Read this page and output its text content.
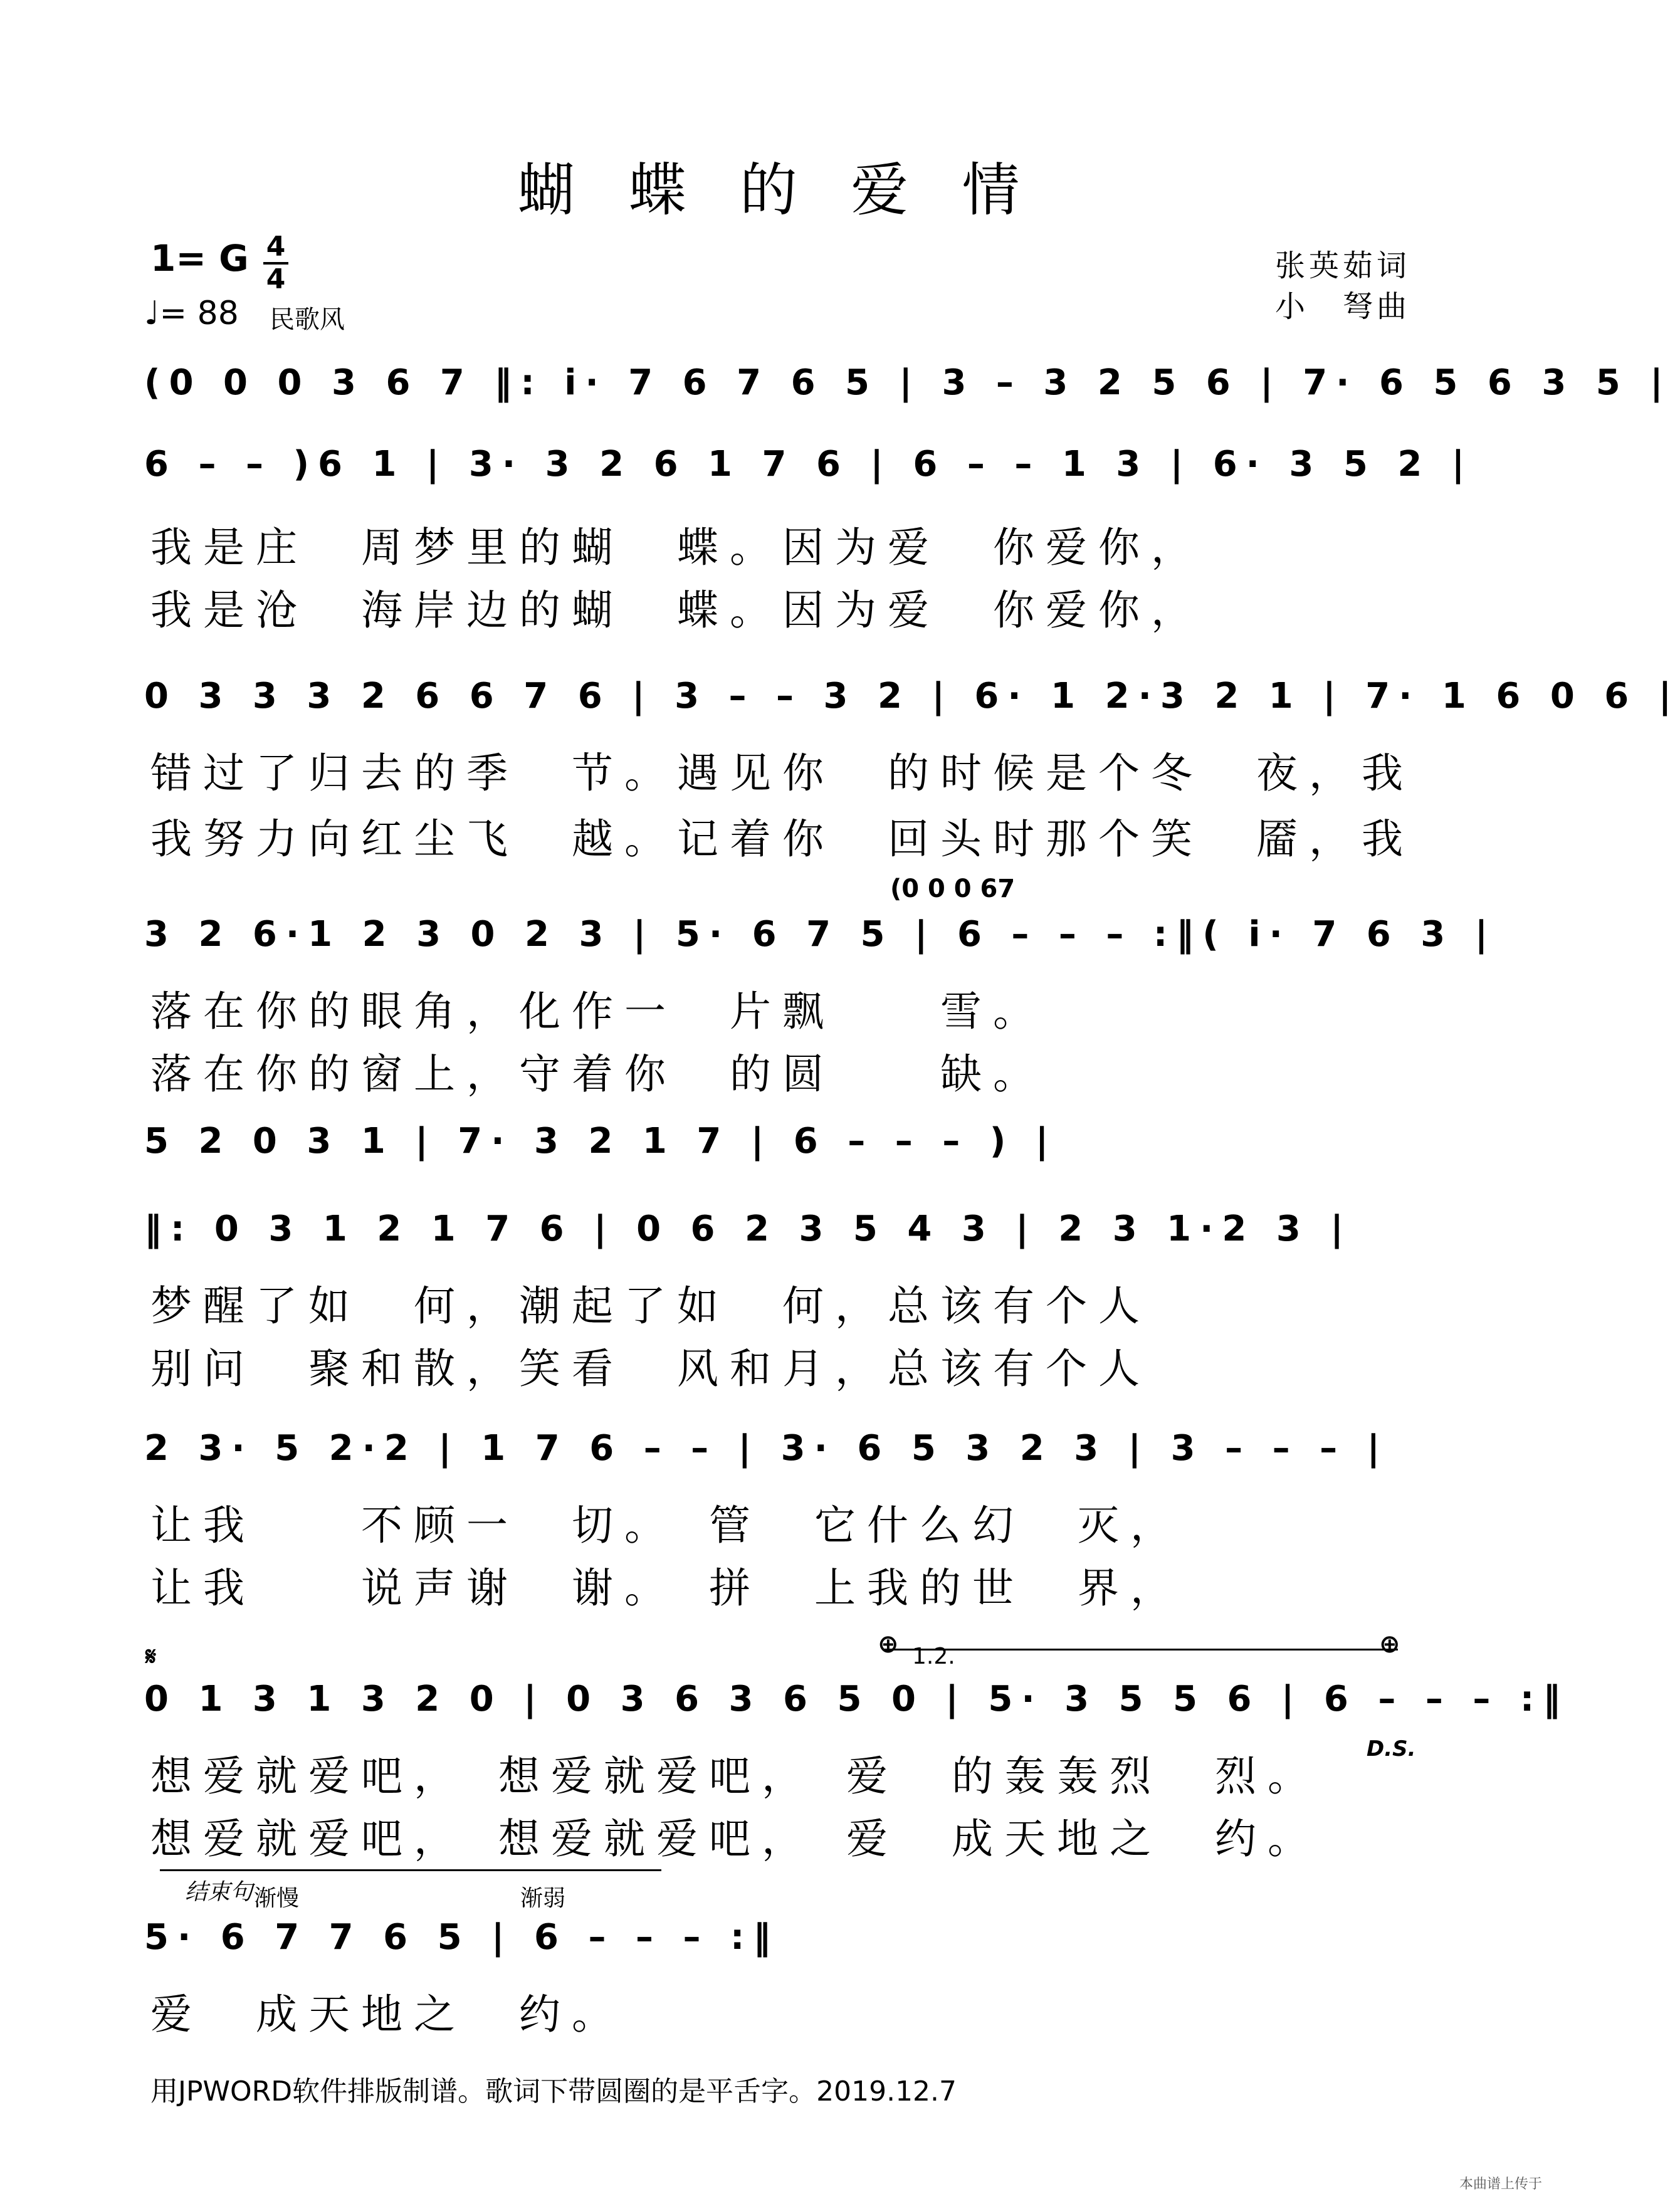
蝴 蝶 的 爱 情
1= G 4
4
♩= 88 民歌风
张英茹词
小　弩曲
(0 0 0 3 6 7 ‖: i· 7 6 7 6 5 | 3 – 3 2 5 6 | 7· 6 5 6 3 5 |
6 – – )6 1 | 3· 3 2 6 1 7 6 | 6 – – 1 3 | 6· 3 5 2 |
我是庄　周梦里的蝴　蝶。因为爱　你爱你，
我是沧　海岸边的蝴　蝶。因为爱　你爱你，
0 3 3 3 2 6 6 7 6 | 3 – – 3 2 | 6· 1 2·3 2 1 | 7· 1 6 0 6 |
错过了归去的季　节。遇见你　的时候是个冬　夜，我
我努力向红尘飞　越。记着你　回头时那个笑　靥，我
(0 0 0 67
3 2 6·1 2 3 0 2 3 | 5· 6 7 5 | 6 – – – :‖( i· 7 6 3 |
落在你的眼角，化作一　片飘　　雪。
落在你的窗上，守着你　的圆　　缺。
5 2 0 3 1 | 7· 3 2 1 7 | 6 – – – ) |
‖: 0 3 1 2 1 7 6 | 0 6 2 3 5 4 3 | 2 3 1·2 3 |
梦醒了如　何，潮起了如　何，总该有个人
别问　聚和散，笑看　风和月，总该有个人
2 3· 5 2·2 | 1 7 6 – – | 3· 6 5 3 2 3 | 3 – – – |
让我　　不顾一　切。　管　它什么幻　灭，
让我　　说声谢　谢。　拼　上我的世　界，
𝄋	⊕	⊕
1.2.
0 1 3 1 3 2 0 | 0 3 6 3 6 5 0 | 5· 3 5 5 6 | 6 – – – :‖
D.S.
想爱就爱吧，　想爱就爱吧，　爱　的轰轰烈　烈。
想爱就爱吧，　想爱就爱吧，　爱　成天地之　约。
结束句 渐慢	渐弱
5· 6 7 7 6 5 | 6 – – – :‖
爱　成天地之　约。
用JPWORD软件排版制谱。歌词下带圆圈的是平舌字。2019.12.7
本曲谱上传于
